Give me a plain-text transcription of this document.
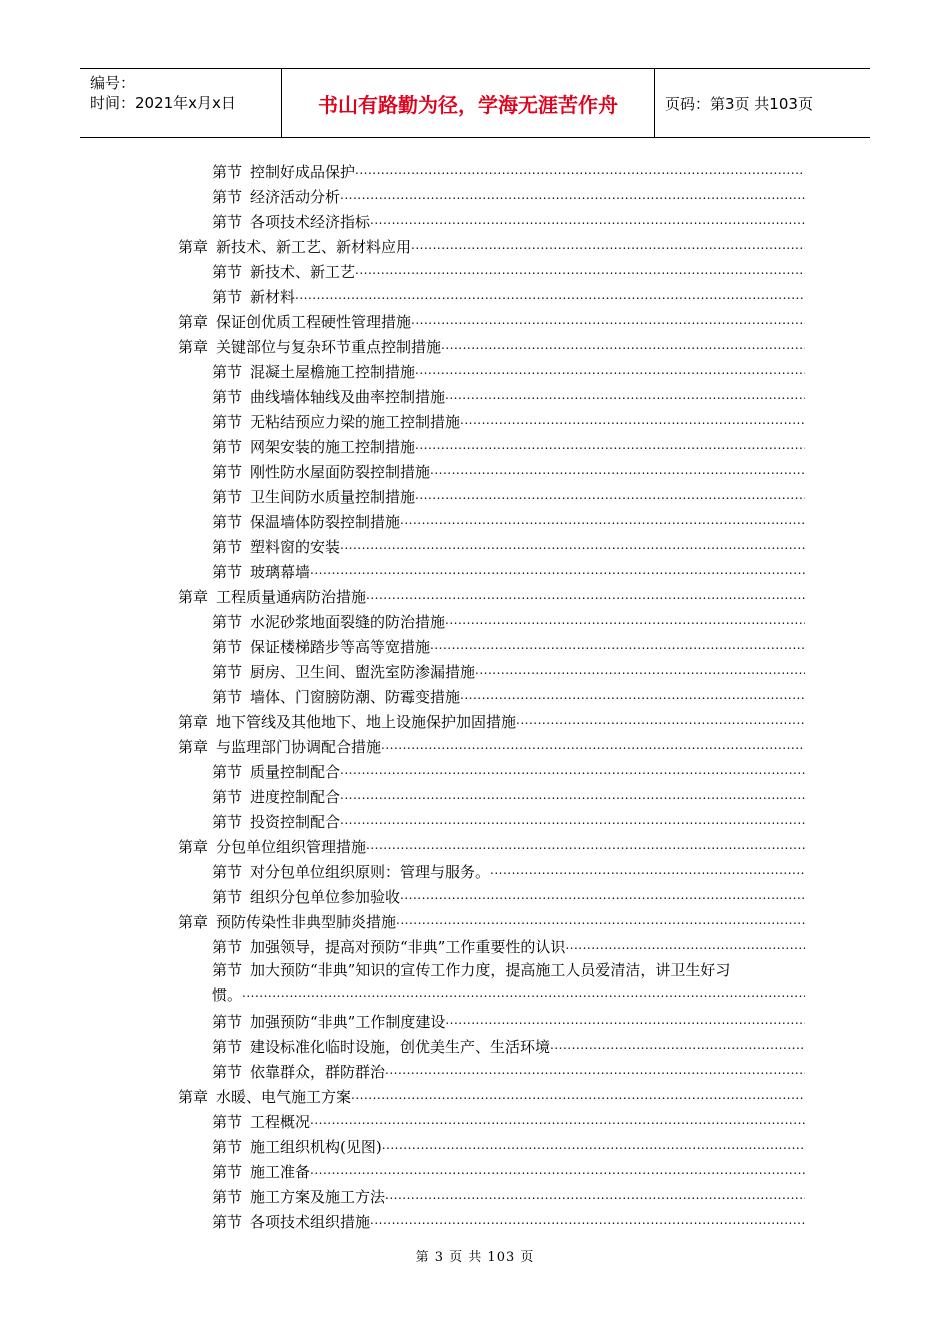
编号：
时间：2021年x月x日	书山有路勤为径，学海无涯苦作舟	页码：第3页 共103页
第节 控制好成品保护
.....
第节 经济活动分析
.....
第节 各项技术经济指标
.....
第章 新技术、新工艺、新材料应用
.....
第节 新技术、新工艺
.....
第节 新材料
.....
第章 保证创优质工程硬性管理措施
.....
第章 关键部位与复杂环节重点控制措施
.....
第节 混凝土屋檐施工控制措施
.....
第节 曲线墙体轴线及曲率控制措施
.....
第节 无粘结预应力梁的施工控制措施
.....
第节 网架安装的施工控制措施
.....
第节 刚性防水屋面防裂控制措施
.....
第节 卫生间防水质量控制措施
.....
第节 保温墙体防裂控制措施
.....
第节 塑料窗的安装
.....
第节 玻璃幕墙
.....
第章 工程质量通病防治措施
.....
第节 水泥砂浆地面裂缝的防治措施
.....
第节 保证楼梯踏步等高等宽措施
.....
第节 厨房、卫生间、盥洗室防渗漏措施
.....
第节 墙体、门窗膀防潮、防霉变措施
.....
第章 地下管线及其他地下、地上设施保护加固措施
.....
第章 与监理部门协调配合措施
.....
第节 质量控制配合
.....
第节 进度控制配合
.....
第节 投资控制配合
.....
第章 分包单位组织管理措施
.....
第节 对分包单位组织原则：管理与服务。
.....
第节 组织分包单位参加验收
.....
第章 预防传染性非典型肺炎措施
.....
第节 加强领导，提高对预防“非典”工作重要性的认识
.....
第节 加大预防“非典”知识的宣传工作力度，提高施工人员爱清洁，讲卫生好习
惯。
.....
第节 加强预防“非典”工作制度建设
.....
第节 建设标准化临时设施，创优美生产、生活环境
.....
第节 依靠群众，群防群治
.....
第章 水暖、电气施工方案
.....
第节 工程概况
.....
第节 施工组织机构(见图)
.....
第节 施工准备
.....
第节 施工方案及施工方法
.....
第节 各项技术组织措施
.....
第 3 页 共 103 页
